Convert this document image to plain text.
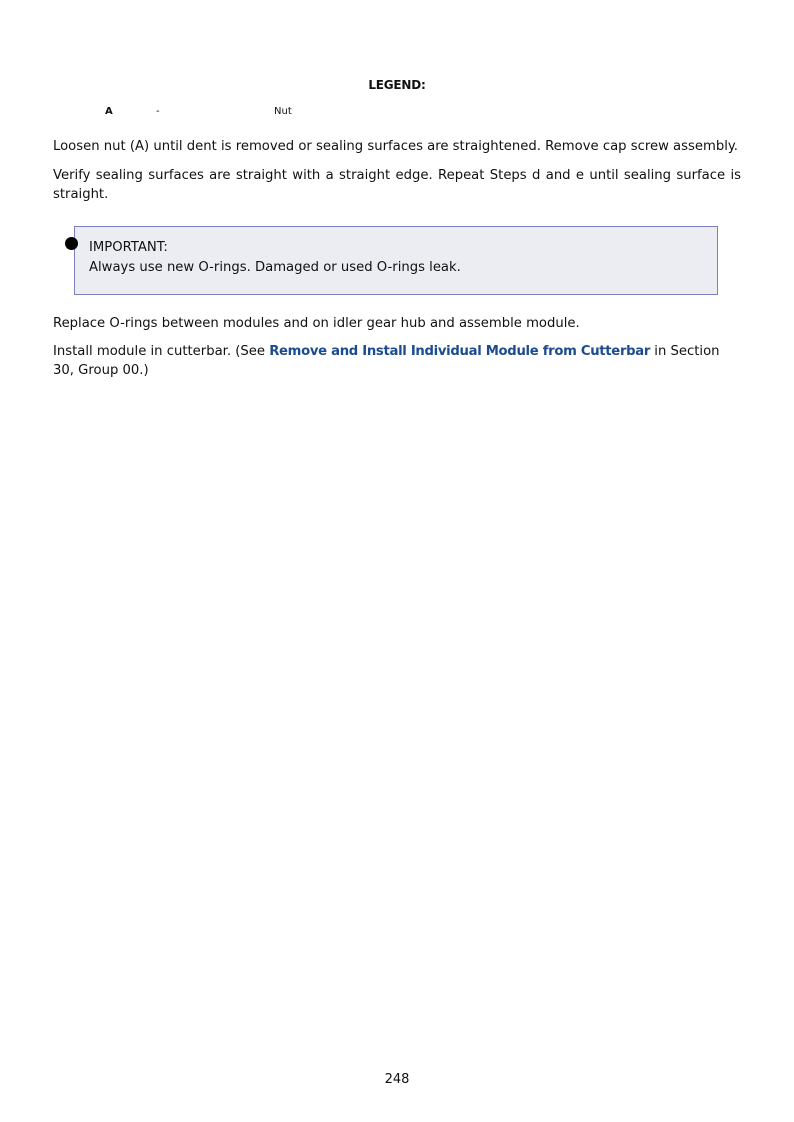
LEGEND:
A	-	Nut

Loosen nut (A) until dent is removed or sealing surfaces are straightened. Remove cap screw assembly.

Verify sealing surfaces are straight with a straight edge. Repeat Steps d and e until sealing surface is straight.

IMPORTANT:
Always use new O-rings. Damaged or used O-rings leak.

Replace O-rings between modules and on idler gear hub and assemble module.

Install module in cutterbar. (See Remove and Install Individual Module from Cutterbar in Section 30, Group 00.)

248
